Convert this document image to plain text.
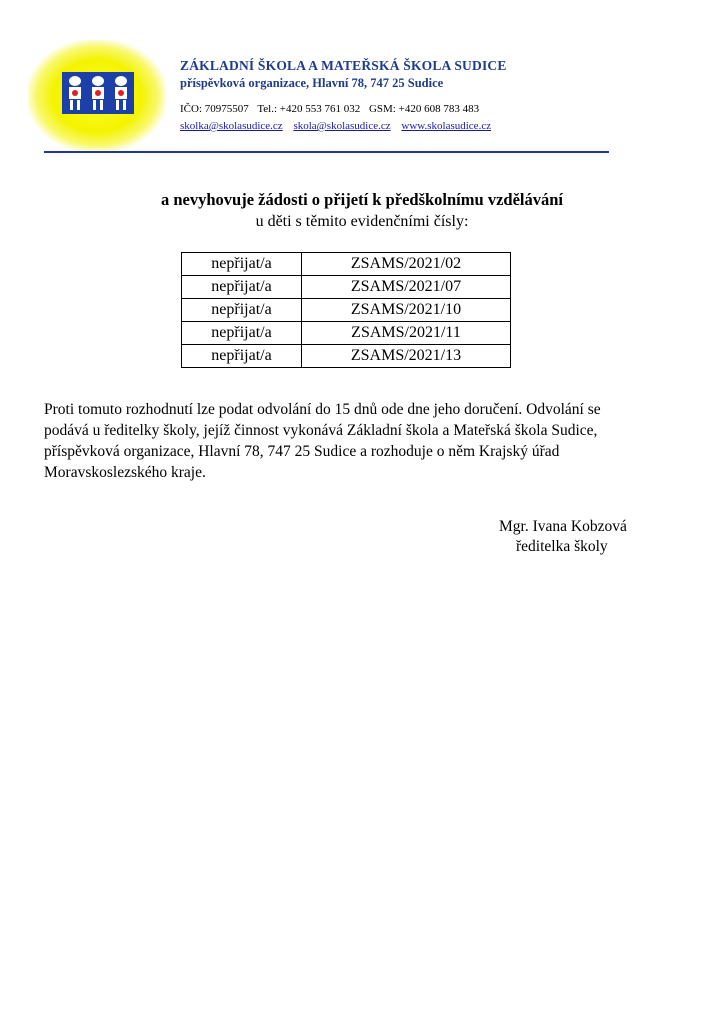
ZÁKLADNÍ ŠKOLA A MATEŘSKÁ ŠKOLA SUDICE
příspěvková organizace, Hlavní 78, 747 25 Sudice
IČO: 70975507 Tel.: +420 553 761 032 GSM: +420 608 783 483
skolka@skolasudice.cz skola@skolasudice.cz www.skolasudice.cz
a nevyhovuje žádosti o přijetí k předškolnímu vzdělávání
u děti s těmito evidenčními čísly:
nepřijat/a	ZSAMS/2021/02
nepřijat/a	ZSAMS/2021/07
nepřijat/a	ZSAMS/2021/10
nepřijat/a	ZSAMS/2021/11
nepřijat/a	ZSAMS/2021/13
Proti tomuto rozhodnutí lze podat odvolání do 15 dnů ode dne jeho doručení. Odvolání se
podává u ředitelky školy, jejíž činnost vykonává Základní škola a Mateřská škola Sudice,
příspěvková organizace, Hlavní 78, 747 25 Sudice a rozhoduje o něm Krajský úřad
Moravskoslezského kraje.
Mgr. Ivana Kobzová
ředitelka školy
